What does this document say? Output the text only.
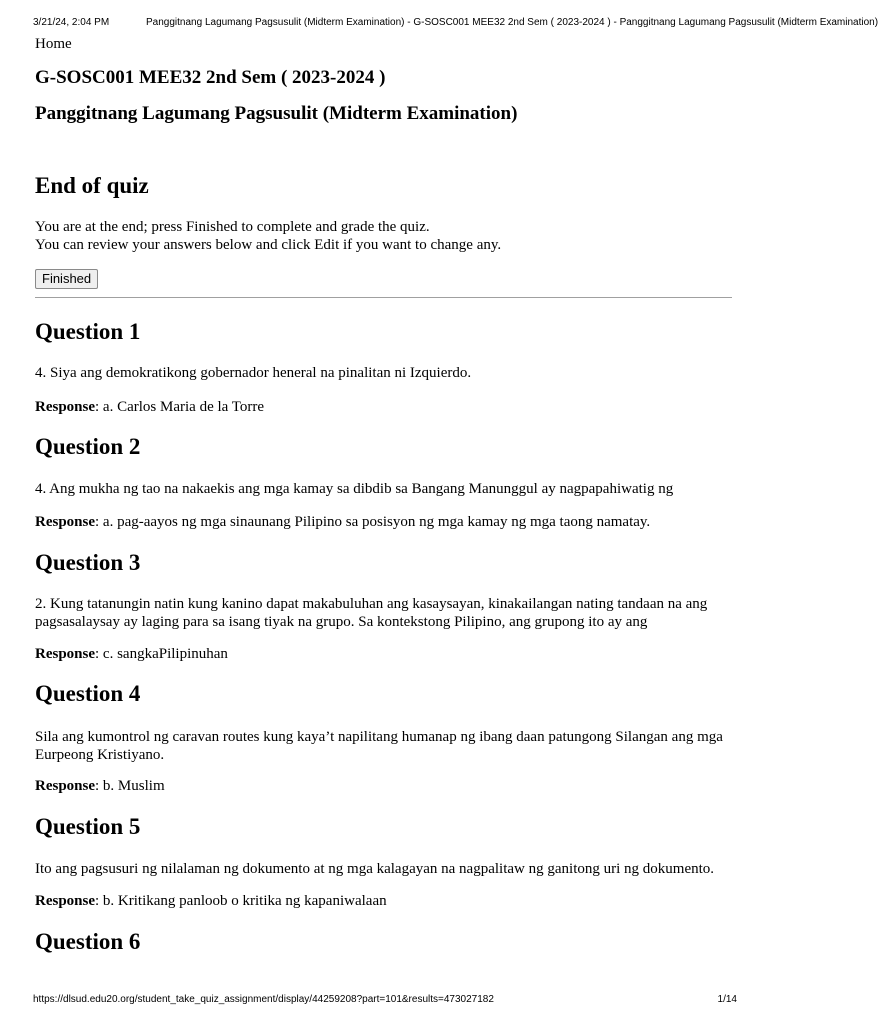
3/21/24, 2:04 PM	Panggitnang Lagumang Pagsusulit (Midterm Examination) - G-SOSC001 MEE32 2nd Sem ( 2023-2024 ) - Panggitnang Lagumang Pagsusulit (Midterm Examination)
Home
G-SOSC001 MEE32 2nd Sem ( 2023-2024 )
Panggitnang Lagumang Pagsusulit (Midterm Examination)
End of quiz

You are at the end; press Finished to complete and grade the quiz.
You can review your answers below and click Edit if you want to change any.

Finished
Question 1

4. Siya ang demokratikong gobernador heneral na pinalitan ni Izquierdo.

Response: a. Carlos Maria de la Torre

Question 2

4. Ang mukha ng tao na nakaekis ang mga kamay sa dibdib sa Bangang Manunggul ay nagpapahiwatig ng

Response: a. pag-aayos ng mga sinaunang Pilipino sa posisyon ng mga kamay ng mga taong namatay.

Question 3

2. Kung tatanungin natin kung kanino dapat makabuluhan ang kasaysayan, kinakailangan nating tandaan na ang pagsasalaysay ay laging para sa isang tiyak na grupo. Sa kontekstong Pilipino, ang grupong ito ay ang

Response: c. sangkaPilipinuhan

Question 4

Sila ang kumontrol ng caravan routes kung kaya’t napilitang humanap ng ibang daan patungong Silangan ang mga Eurpeong Kristiyano.

Response: b. Muslim

Question 5

Ito ang pagsusuri ng nilalaman ng dokumento at ng mga kalagayan na nagpalitaw ng ganitong uri ng dokumento.

Response: b. Kritikang panloob o kritika ng kapaniwalaan

Question 6
https://dlsud.edu20.org/student_take_quiz_assignment/display/44259208?part=101&results=473027182	1/14
